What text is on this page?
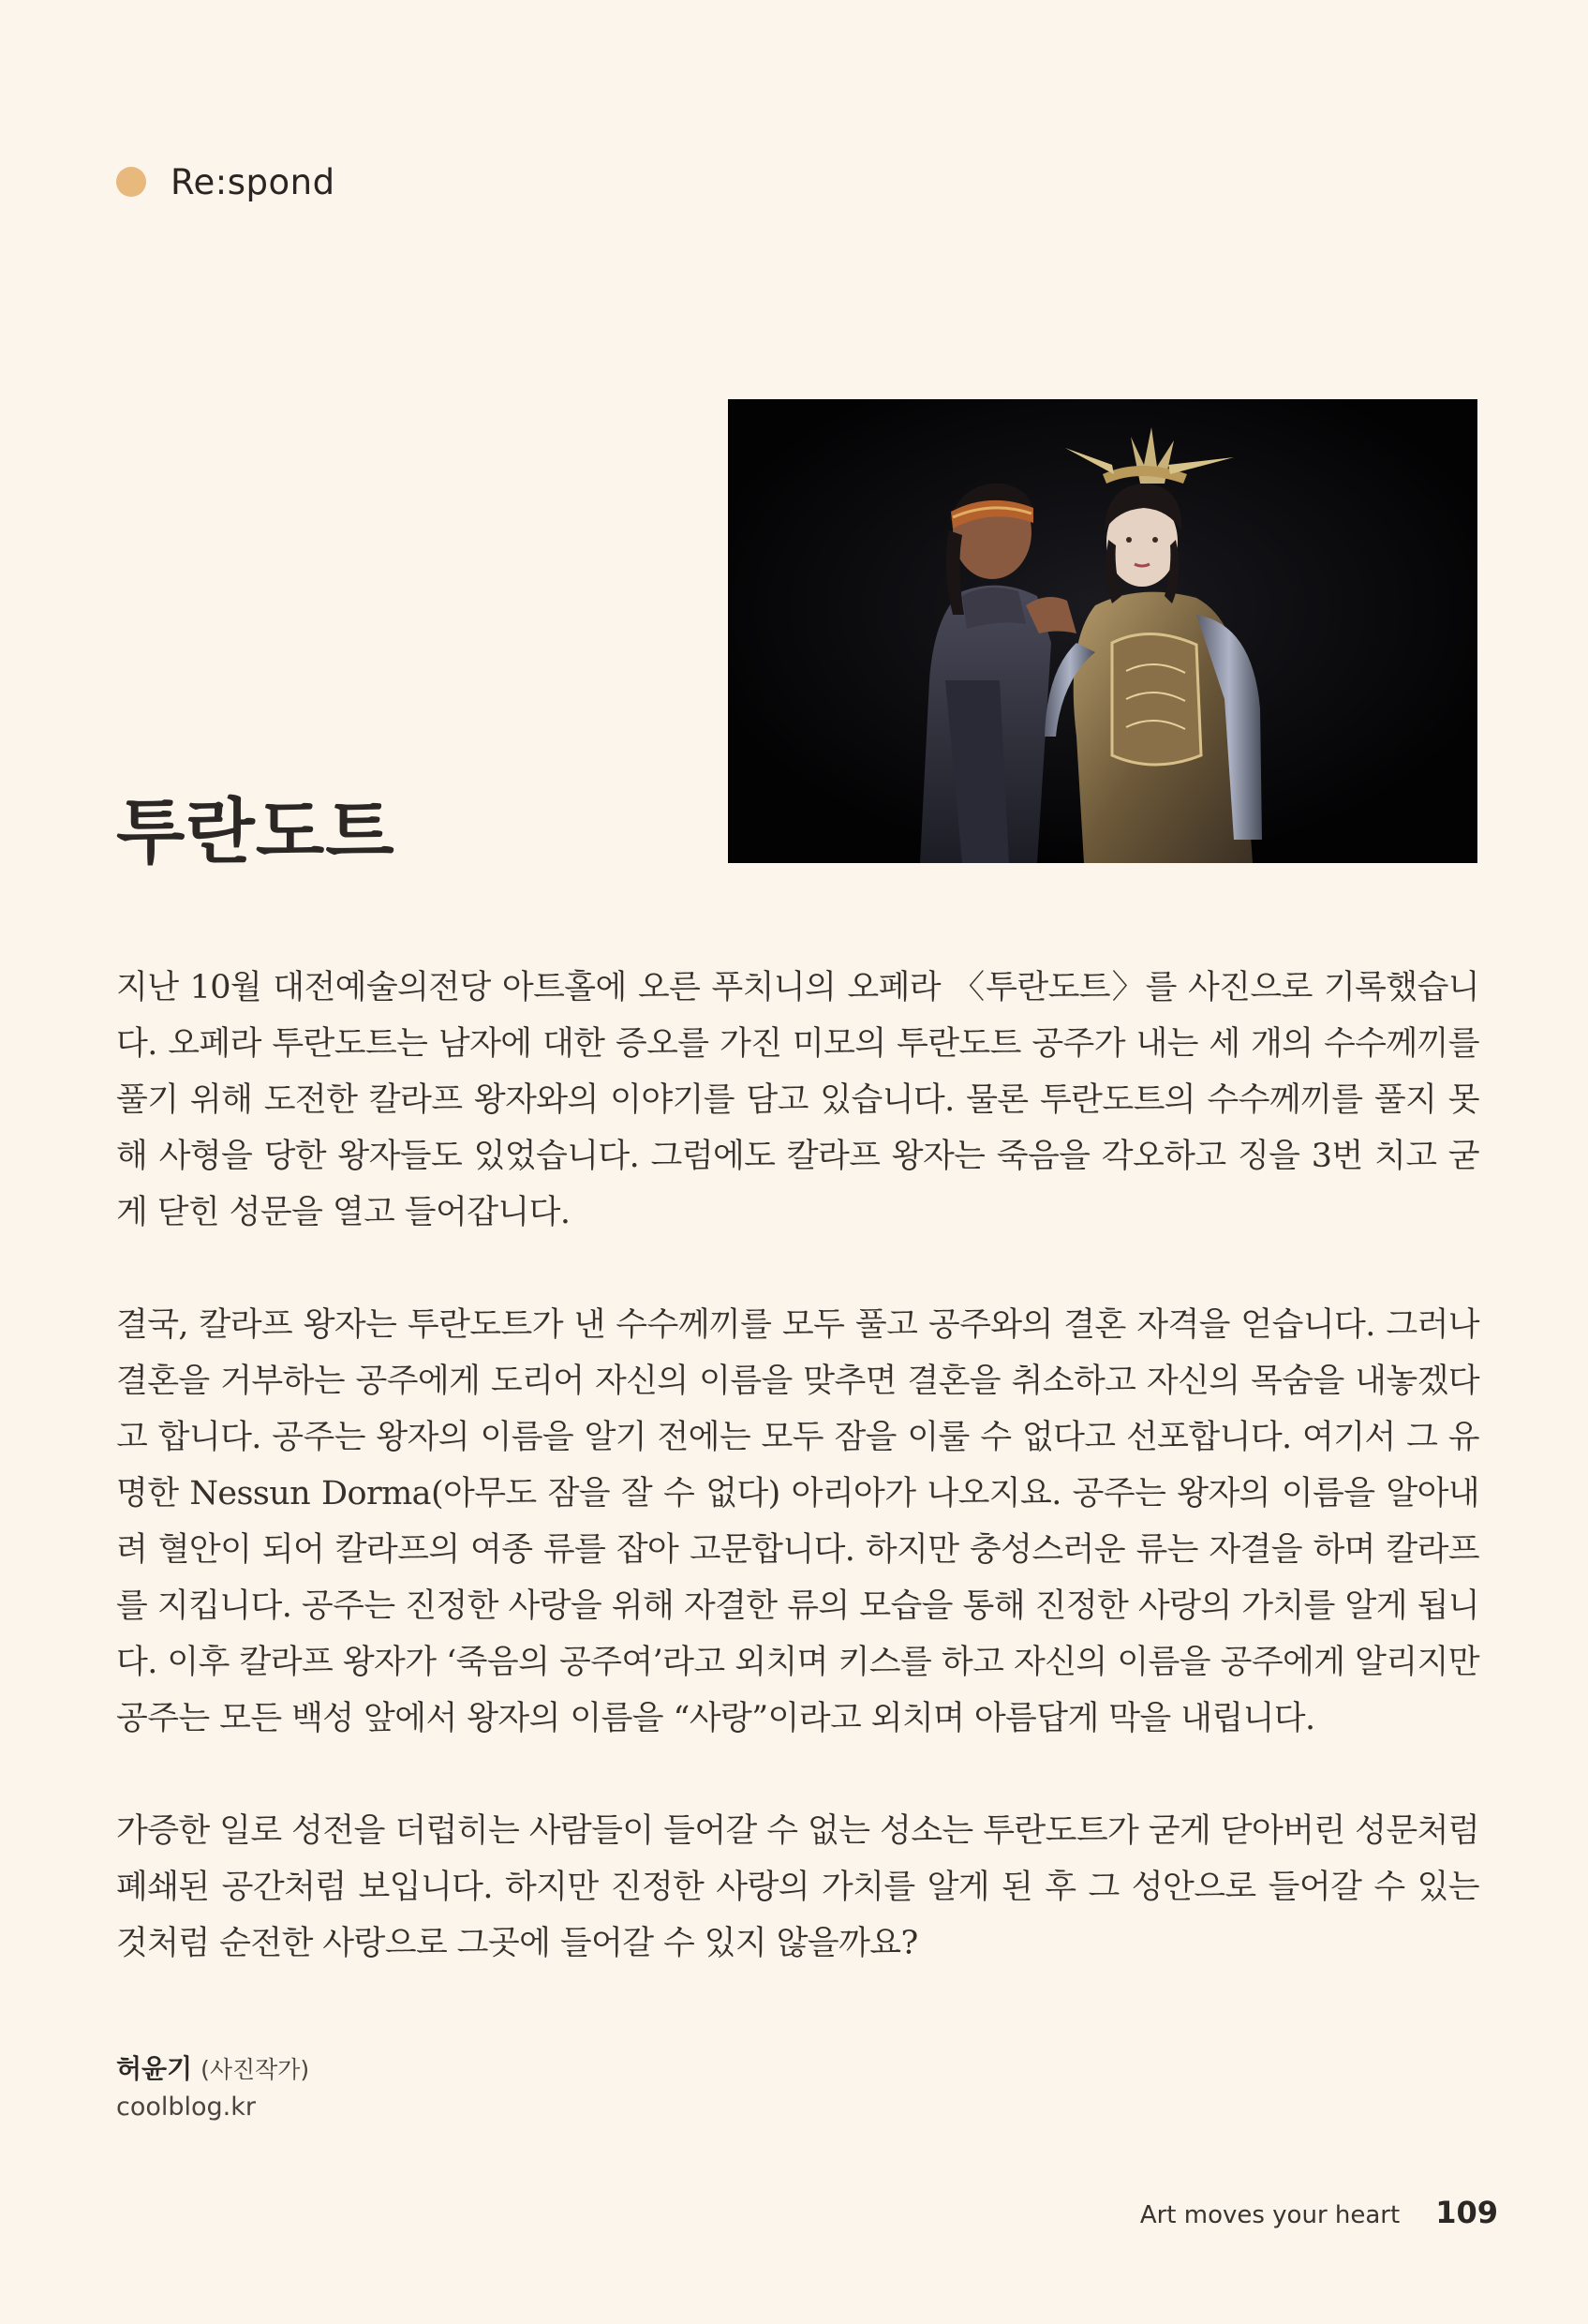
Re:spond
투란도트

지난 10월 대전예술의전당 아트홀에 오른 푸치니의 오페라 〈투란도트〉를 사진으로 기록했습니다. 오페라 투란도트는 남자에 대한 증오를 가진 미모의 투란도트 공주가 내는 세 개의 수수께끼를 풀기 위해 도전한 칼라프 왕자와의 이야기를 담고 있습니다. 물론 투란도트의 수수께끼를 풀지 못해 사형을 당한 왕자들도 있었습니다. 그럼에도 칼라프 왕자는 죽음을 각오하고 징을 3번 치고 굳게 닫힌 성문을 열고 들어갑니다.

결국, 칼라프 왕자는 투란도트가 낸 수수께끼를 모두 풀고 공주와의 결혼 자격을 얻습니다. 그러나 결혼을 거부하는 공주에게 도리어 자신의 이름을 맞추면 결혼을 취소하고 자신의 목숨을 내놓겠다고 합니다. 공주는 왕자의 이름을 알기 전에는 모두 잠을 이룰 수 없다고 선포합니다. 여기서 그 유명한 Nessun Dorma(아무도 잠을 잘 수 없다) 아리아가 나오지요. 공주는 왕자의 이름을 알아내려 혈안이 되어 칼라프의 여종 류를 잡아 고문합니다. 하지만 충성스러운 류는 자결을 하며 칼라프를 지킵니다. 공주는 진정한 사랑을 위해 자결한 류의 모습을 통해 진정한 사랑의 가치를 알게 됩니다. 이후 칼라프 왕자가 ‘죽음의 공주여’라고 외치며 키스를 하고 자신의 이름을 공주에게 알리지만 공주는 모든 백성 앞에서 왕자의 이름을 “사랑”이라고 외치며 아름답게 막을 내립니다.

가증한 일로 성전을 더럽히는 사람들이 들어갈 수 없는 성소는 투란도트가 굳게 닫아버린 성문처럼 폐쇄된 공간처럼 보입니다. 하지만 진정한 사랑의 가치를 알게 된 후 그 성안으로 들어갈 수 있는 것처럼 순전한 사랑으로 그곳에 들어갈 수 있지 않을까요?

허윤기 (사진작가)
coolblog.kr
Art moves your heart 109
